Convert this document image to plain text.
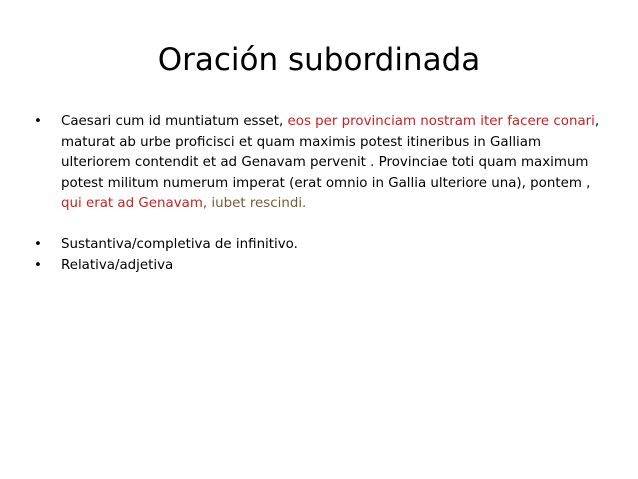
Oración subordinada
•	Caesari cum id muntiatum esset, eos per provinciam nostram iter facere conari, maturat ab urbe proficisci et quam maximis potest itineribus in Galliam ulteriorem contendit et ad Genavam pervenit . Provinciae toti quam maximum potest militum numerum imperat (erat omnio in Gallia ulteriore una), pontem , qui erat ad Genavam, iubet rescindi.
•	Sustantiva/completiva de infinitivo.
•	Relativa/adjetiva
